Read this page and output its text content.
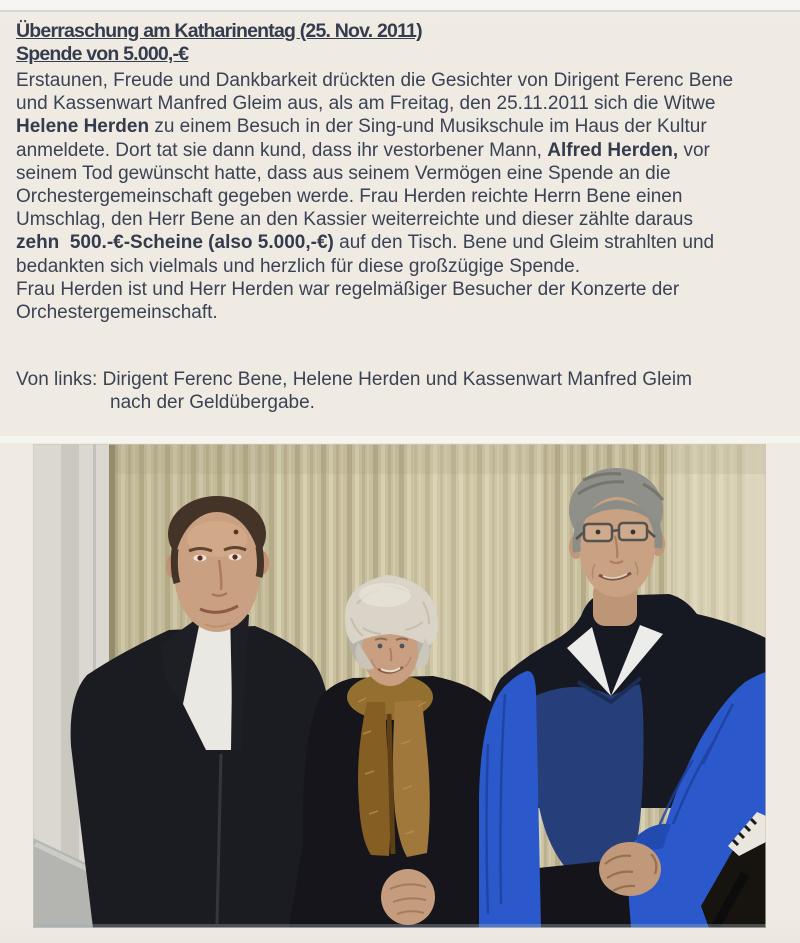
Überraschung am Katharinentag (25. Nov. 2011)
Spende von 5.000,-€
Erstaunen, Freude und Dankbarkeit drückten die Gesichter von Dirigent Ferenc Bene
und Kassenwart Manfred Gleim aus, als am Freitag, den 25.11.2011 sich die Witwe
Helene Herden zu einem Besuch in der Sing-und Musikschule im Haus der Kultur
anmeldete. Dort tat sie dann kund, dass ihr vestorbener Mann, Alfred Herden, vor
seinem Tod gewünscht hatte, dass aus seinem Vermögen eine Spende an die
Orchestergemeinschaft gegeben werde. Frau Herden reichte Herrn Bene einen
Umschlag, den Herr Bene an den Kassier weiterreichte und dieser zählte daraus
zehn  500.-€-Scheine (also 5.000,-€) auf den Tisch. Bene und Gleim strahlten und
bedankten sich vielmals und herzlich für diese großzügige Spende.
Frau Herden ist und Herr Herden war regelmäßiger Besucher der Konzerte der
Orchestergemeinschaft.
Von links: Dirigent Ferenc Bene, Helene Herden und Kassenwart Manfred Gleim
nach der Geldübergabe.
